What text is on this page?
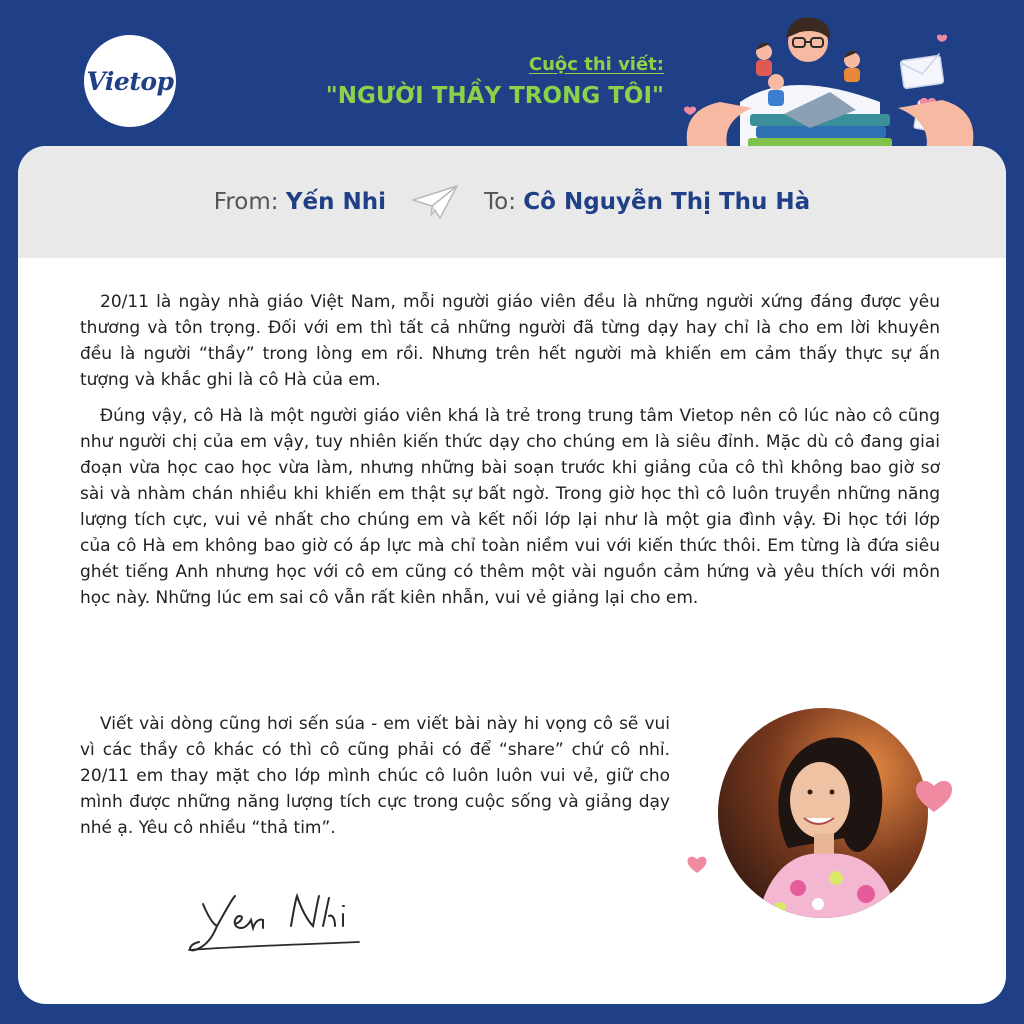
Vietop
Cuộc thi viết:
"NGƯỜI THẦY TRONG TÔI"
From: Yến Nhi	To: Cô Nguyễn Thị Thu Hà

20/11 là ngày nhà giáo Việt Nam, mỗi người giáo viên đều là những người xứng đáng được yêu thương và tôn trọng. Đối với em thì tất cả những người đã từng dạy hay chỉ là cho em lời khuyên đều là người “thầy” trong lòng em rồi. Nhưng trên hết người mà khiến em cảm thấy thực sự ấn tượng và khắc ghi là cô Hà của em.

Đúng vậy, cô Hà là một người giáo viên khá là trẻ trong trung tâm Vietop nên cô lúc nào cô cũng như người chị của em vậy, tuy nhiên kiến thức dạy cho chúng em là siêu đỉnh. Mặc dù cô đang giai đoạn vừa học cao học vừa làm, nhưng những bài soạn trước khi giảng của cô thì không bao giờ sơ sài và nhàm chán nhiều khi khiến em thật sự bất ngờ. Trong giờ học thì cô luôn truyền những năng lượng tích cực, vui vẻ nhất cho chúng em và kết nối lớp lại như là một gia đình vậy. Đi học tới lớp của cô Hà em không bao giờ có áp lực mà chỉ toàn niềm vui với kiến thức thôi. Em từng là đứa siêu ghét tiếng Anh nhưng học với cô em cũng có thêm một vài nguồn cảm hứng và yêu thích với môn học này. Những lúc em sai cô vẫn rất kiên nhẫn, vui vẻ giảng lại cho em.

Viết vài dòng cũng hơi sến súa - em viết bài này hi vọng cô sẽ vui vì các thầy cô khác có thì cô cũng phải có để “share” chứ cô nhỉ. 20/11 em thay mặt cho lớp mình chúc cô luôn luôn vui vẻ, giữ cho mình được những năng lượng tích cực trong cuộc sống và giảng dạy nhé ạ. Yêu cô nhiều “thả tim”.
